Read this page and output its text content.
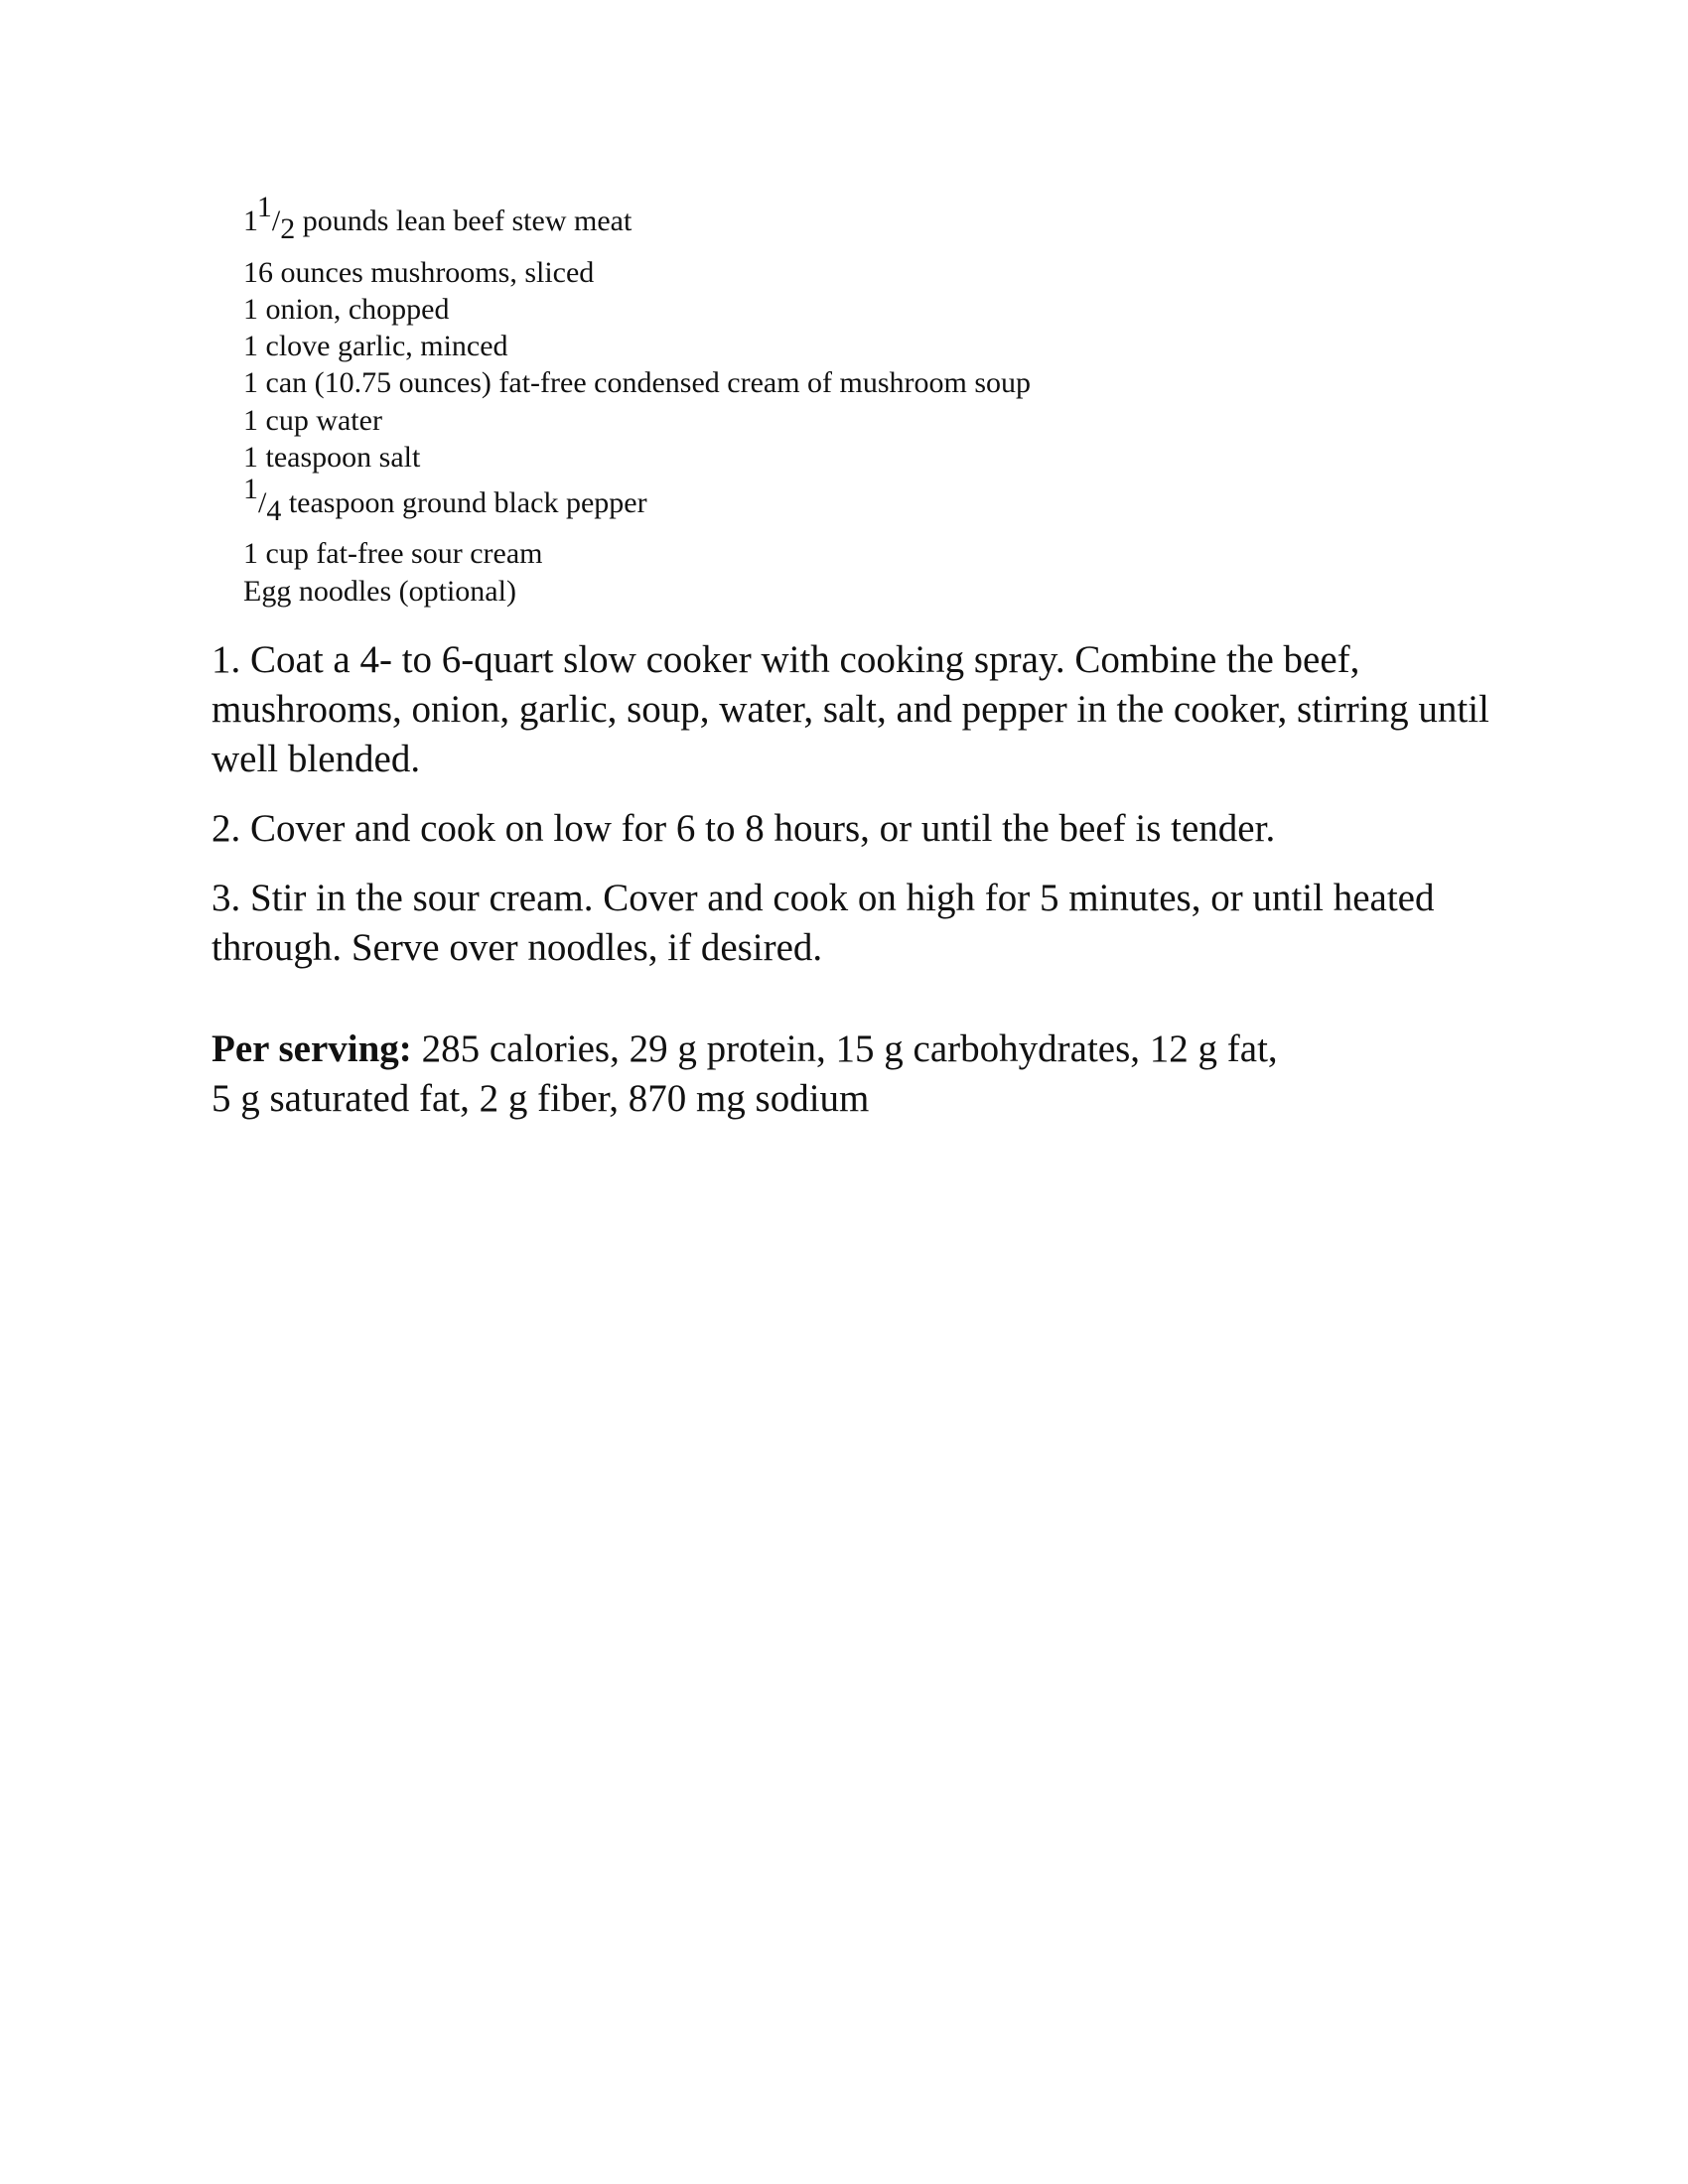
$1^1/_2$ pounds lean beef stew meat
16 ounces mushrooms, sliced
1 onion, chopped
1 clove garlic, minced
1 can (10.75 ounces) fat-free condensed cream of mushroom soup
1 cup water
1 teaspoon salt
$^1/_4$ teaspoon ground black pepper
1 cup fat-free sour cream
Egg noodles (optional)

1. Coat a 4- to 6-quart slow cooker with cooking spray. Combine the beef, mushrooms, onion, garlic, soup, water, salt, and pepper in the cooker, stirring until well blended.

2. Cover and cook on low for 6 to 8 hours, or until the beef is tender.

3. Stir in the sour cream. Cover and cook on high for 5 minutes, or until heated through. Serve over noodles, if desired.

Per serving: 285 calories, 29 g protein, 15 g carbohydrates, 12 g fat,
5 g saturated fat, 2 g fiber, 870 mg sodium
